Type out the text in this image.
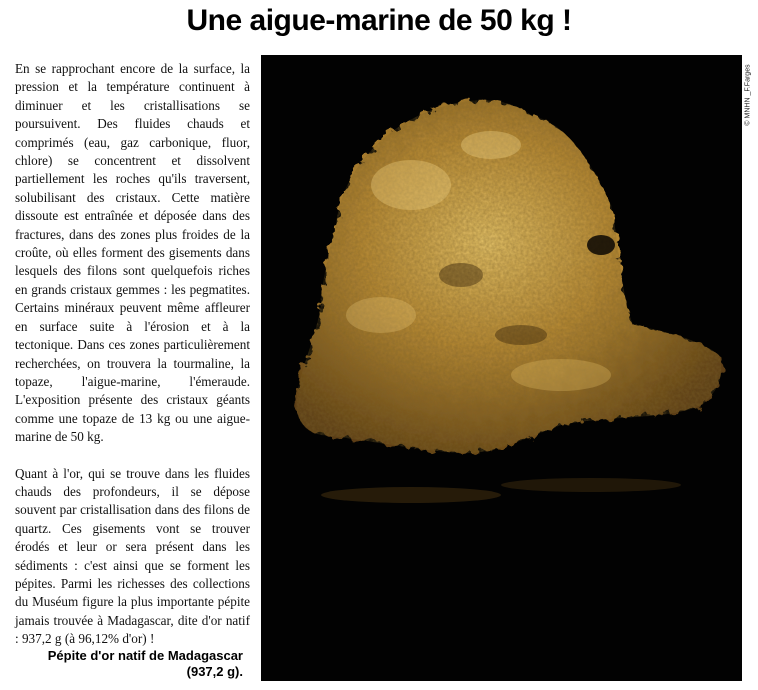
Une aigue-marine de 50 kg !

En se rapprochant encore de la surface, la pression et la température continuent à diminuer et les cristallisations se poursuivent. Des fluides chauds et comprimés (eau, gaz carbonique, fluor, chlore) se concentrent et dissolvent partiellement les roches qu'ils traversent, solubilisant des cristaux. Cette matière dissoute est entraînée et déposée dans des fractures, dans des zones plus froides de la croûte, où elles forment des gisements dans lesquels des filons sont quelquefois riches en grands cristaux gemmes : les pegmatites. Certains minéraux peuvent même affleurer en surface suite à l'érosion et à la tectonique. Dans ces zones particulièrement recherchées, on trouvera la tourmaline, la topaze, l'aigue-marine, l'émeraude. L'exposition présente des cristaux géants comme une topaze de 13 kg ou une aigue-marine de 50 kg.

Quant à l'or, qui se trouve dans les fluides chauds des profondeurs, il se dépose souvent par cristallisation dans des filons de quartz. Ces gisements vont se trouver érodés et leur or sera présent dans les sédiments : c'est ainsi que se forment les pépites. Parmi les richesses des collections du Muséum figure la plus importante pépite jamais trouvée à Madagascar, dite d'or natif : 937,2 g (à 96,12% d'or) !

Pépite d'or natif de Madagascar
(937,2 g).
© MNHN _F.Farges
